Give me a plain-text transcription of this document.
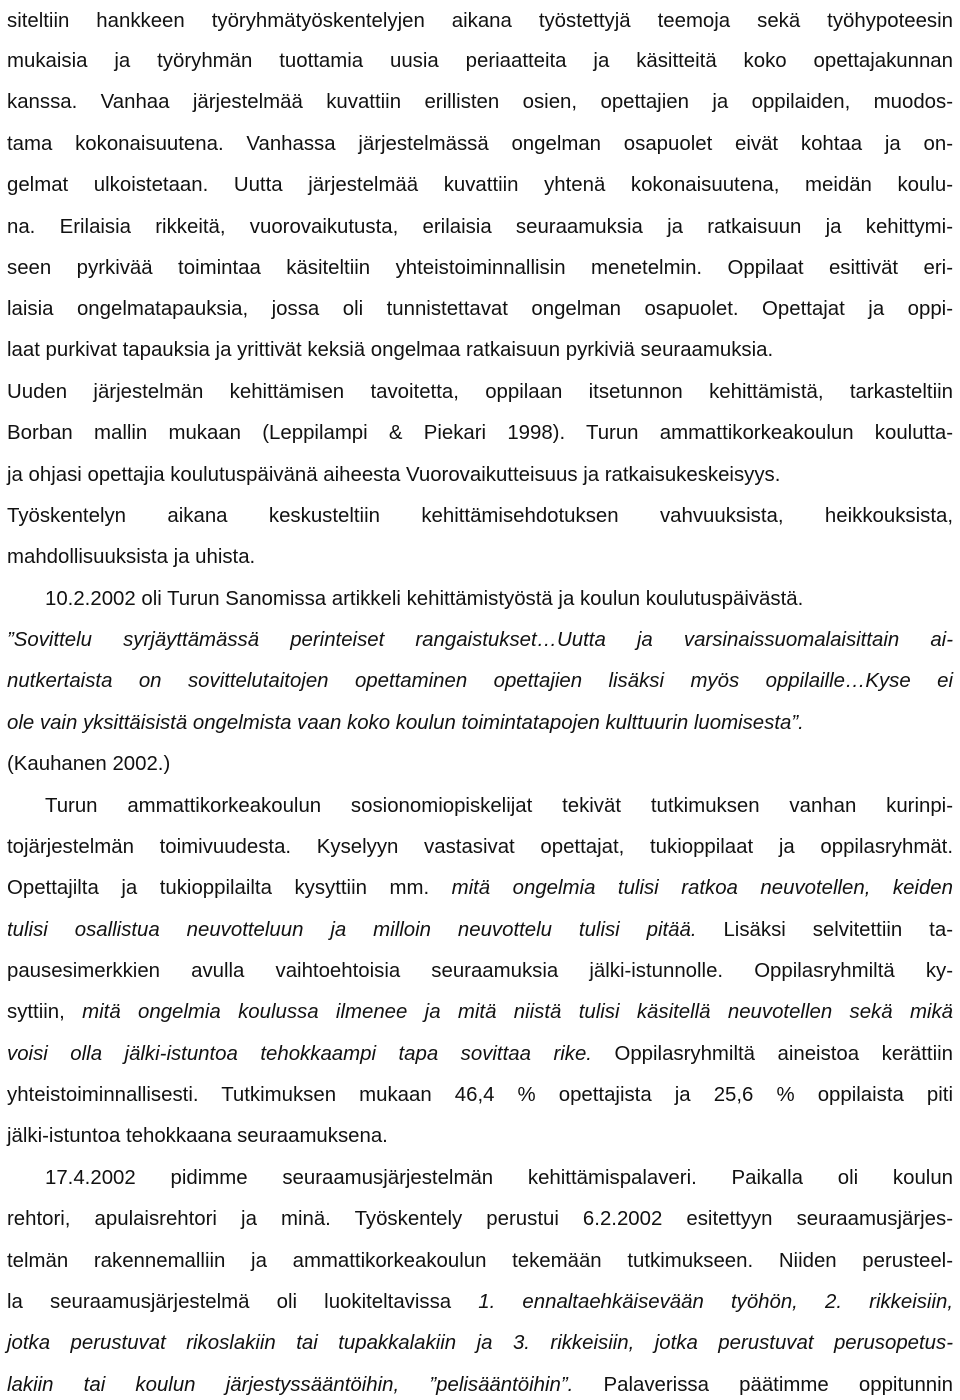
siteltiin hankkeen työryhmätyöskentelyjen aikana työstettyjä teemoja sekä työhypoteesin
mukaisia ja työryhmän tuottamia uusia periaatteita ja käsitteitä koko opettajakunnan
kanssa. Vanhaa järjestelmää kuvattiin erillisten osien, opettajien ja oppilaiden, muodos-
tama kokonaisuutena. Vanhassa järjestelmässä ongelman osapuolet eivät kohtaa ja on-
gelmat ulkoistetaan. Uutta järjestelmää kuvattiin yhtenä kokonaisuutena, meidän koulu-
na. Erilaisia rikkeitä, vuorovaikutusta, erilaisia seuraamuksia ja ratkaisuun ja kehittymi-
seen pyrkivää toimintaa käsiteltiin yhteistoiminnallisin menetelmin. Oppilaat esittivät eri-
laisia ongelmatapauksia, jossa oli tunnistettavat ongelman osapuolet. Opettajat ja oppi-
laat purkivat tapauksia ja yrittivät keksiä ongelmaa ratkaisuun pyrkiviä seuraamuksia.
Uuden järjestelmän kehittämisen tavoitetta, oppilaan itsetunnon kehittämistä, tarkasteltiin
Borban mallin mukaan (Leppilampi & Piekari 1998). Turun ammattikorkeakoulun koulutta-
ja ohjasi opettajia koulutuspäivänä aiheesta Vuorovaikutteisuus ja ratkaisukeskeisyys.
Työskentelyn aikana keskusteltiin kehittämisehdotuksen vahvuuksista, heikkouksista,
mahdollisuuksista ja uhista.
10.2.2002 oli Turun Sanomissa artikkeli kehittämistyöstä ja koulun koulutuspäivästä.
”Sovittelu syrjäyttämässä perinteiset rangaistukset…Uutta ja varsinaissuomalaisittain ai-
nutkertaista on sovittelutaitojen opettaminen opettajien lisäksi myös oppilaille…Kyse ei
ole vain yksittäisistä ongelmista vaan koko koulun toimintatapojen kulttuurin luomisesta”.
(Kauhanen 2002.)
Turun ammattikorkeakoulun sosionomiopiskelijat tekivät tutkimuksen vanhan kurinpi-
tojärjestelmän toimivuudesta. Kyselyyn vastasivat opettajat, tukioppilaat ja oppilasryhmät.
Opettajilta ja tukioppilailta kysyttiin mm. mitä ongelmia tulisi ratkoa neuvotellen, keiden
tulisi osallistua neuvotteluun ja milloin neuvottelu tulisi pitää. Lisäksi selvitettiin ta-
pausesimerkkien avulla vaihtoehtoisia seuraamuksia jälki-istunnolle. Oppilasryhmiltä ky-
syttiin, mitä ongelmia koulussa ilmenee ja mitä niistä tulisi käsitellä neuvotellen sekä mikä
voisi olla jälki-istuntoa tehokkaampi tapa sovittaa rike. Oppilasryhmiltä aineistoa kerättiin
yhteistoiminnallisesti. Tutkimuksen mukaan 46,4 % opettajista ja 25,6 % oppilaista piti
jälki-istuntoa tehokkaana seuraamuksena.
17.4.2002 pidimme seuraamusjärjestelmän kehittämispalaveri. Paikalla oli koulun
rehtori, apulaisrehtori ja minä. Työskentely perustui 6.2.2002 esitettyyn seuraamusjärjes-
telmän rakennemalliin ja ammattikorkeakoulun tekemään tutkimukseen. Niiden perusteel-
la seuraamusjärjestelmä oli luokiteltavissa 1. ennaltaehkäisevään työhön, 2. rikkeisiin,
jotka perustuvat rikoslakiin tai tupakkalakiin ja 3. rikkeisiin, jotka perustuvat perusopetus-
lakiin tai koulun järjestyssääntöihin, ”pelisääntöihin”. Palaverissa päätimme oppitunnin
